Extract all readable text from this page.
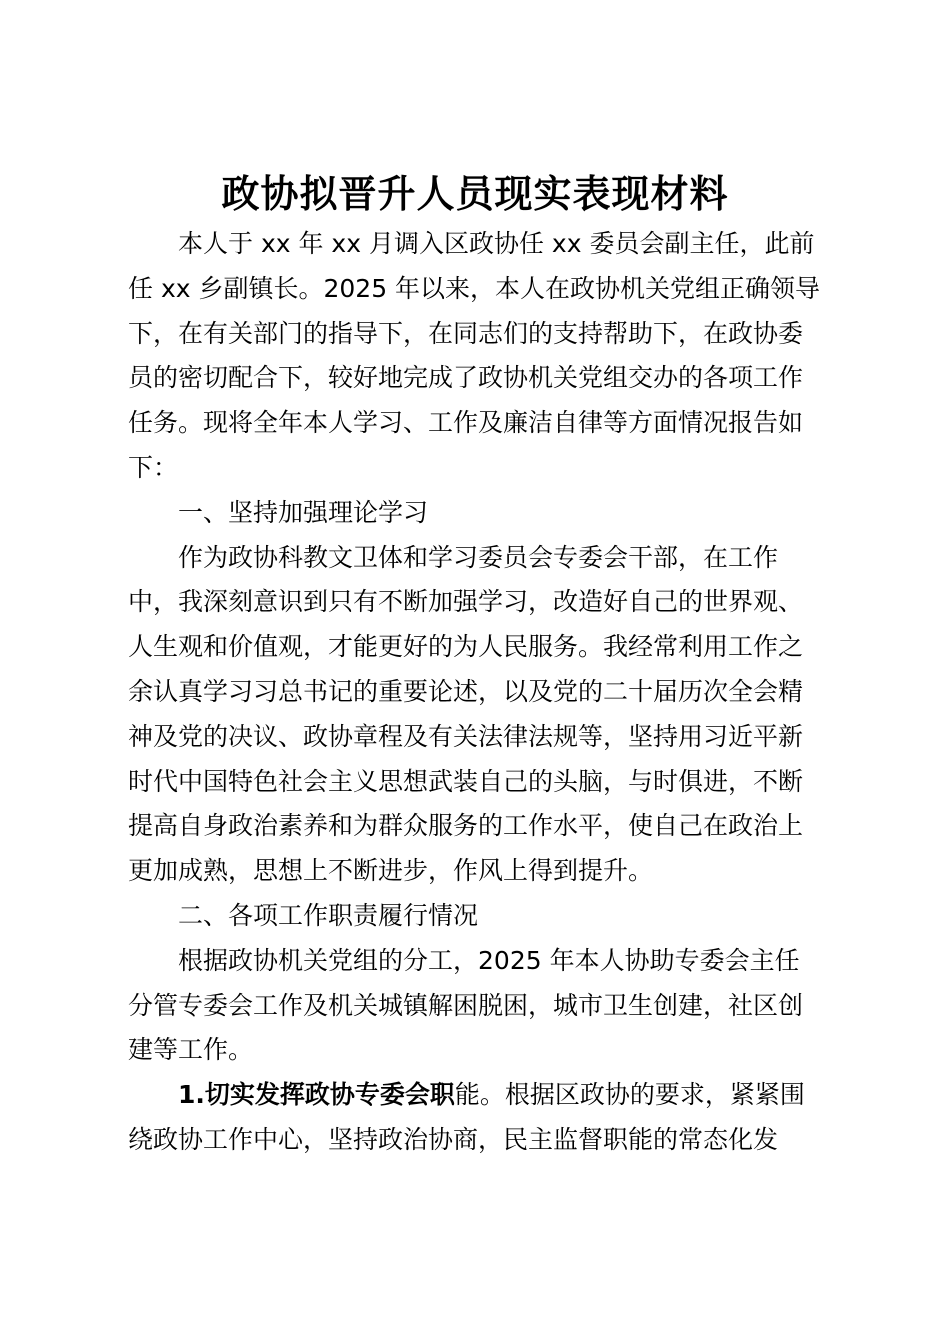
政协拟晋升人员现实表现材料
本人于 xx 年 xx 月调入区政协任 xx 委员会副主任，此前
任 xx 乡副镇长。2025 年以来，本人在政协机关党组正确领导
下，在有关部门的指导下，在同志们的支持帮助下，在政协委
员的密切配合下，较好地完成了政协机关党组交办的各项工作
任务。现将全年本人学习、工作及廉洁自律等方面情况报告如
下：
一、坚持加强理论学习
作为政协科教文卫体和学习委员会专委会干部，在工作
中，我深刻意识到只有不断加强学习，改造好自己的世界观、
人生观和价值观，才能更好的为人民服务。我经常利用工作之
余认真学习习总书记的重要论述，以及党的二十届历次全会精
神及党的决议、政协章程及有关法律法规等，坚持用习近平新
时代中国特色社会主义思想武装自己的头脑，与时俱进，不断
提高自身政治素养和为群众服务的工作水平，使自己在政治上
更加成熟，思想上不断进步，作风上得到提升。
二、各项工作职责履行情况
根据政协机关党组的分工，2025 年本人协助专委会主任
分管专委会工作及机关城镇解困脱困，城市卫生创建，社区创
建等工作。
1.切实发挥政协专委会职能。根据区政协的要求，紧紧围
绕政协工作中心，坚持政治协商，民主监督职能的常态化发
